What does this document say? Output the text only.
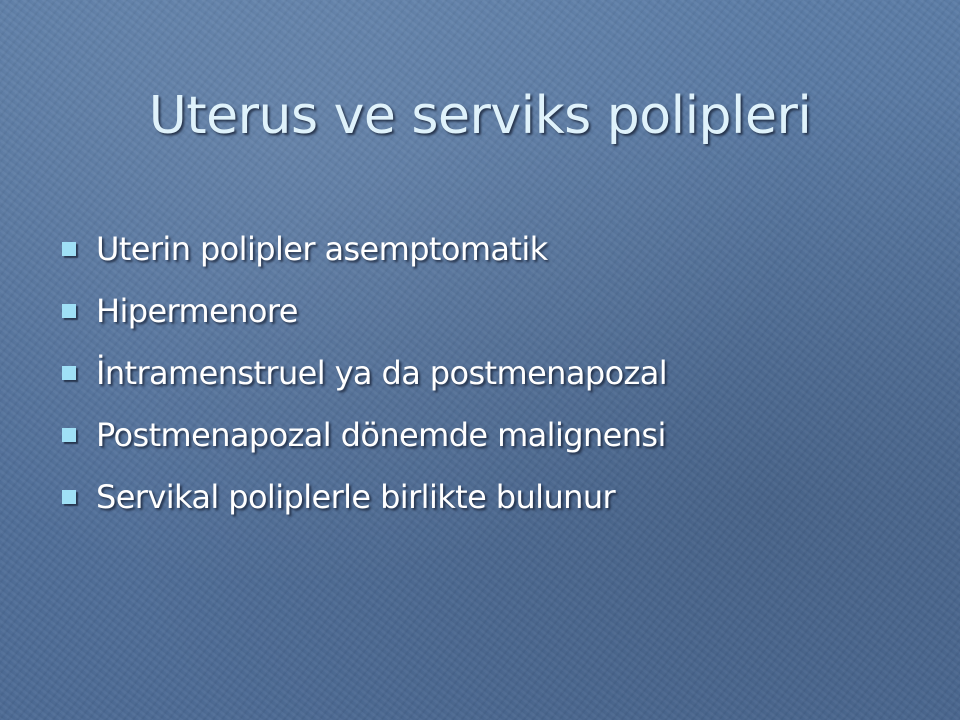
Uterus ve serviks polipleri
Uterin polipler asemptomatik
Hipermenore
İntramenstruel ya da postmenapozal
Postmenapozal dönemde malignensi
Servikal poliplerle birlikte bulunur
